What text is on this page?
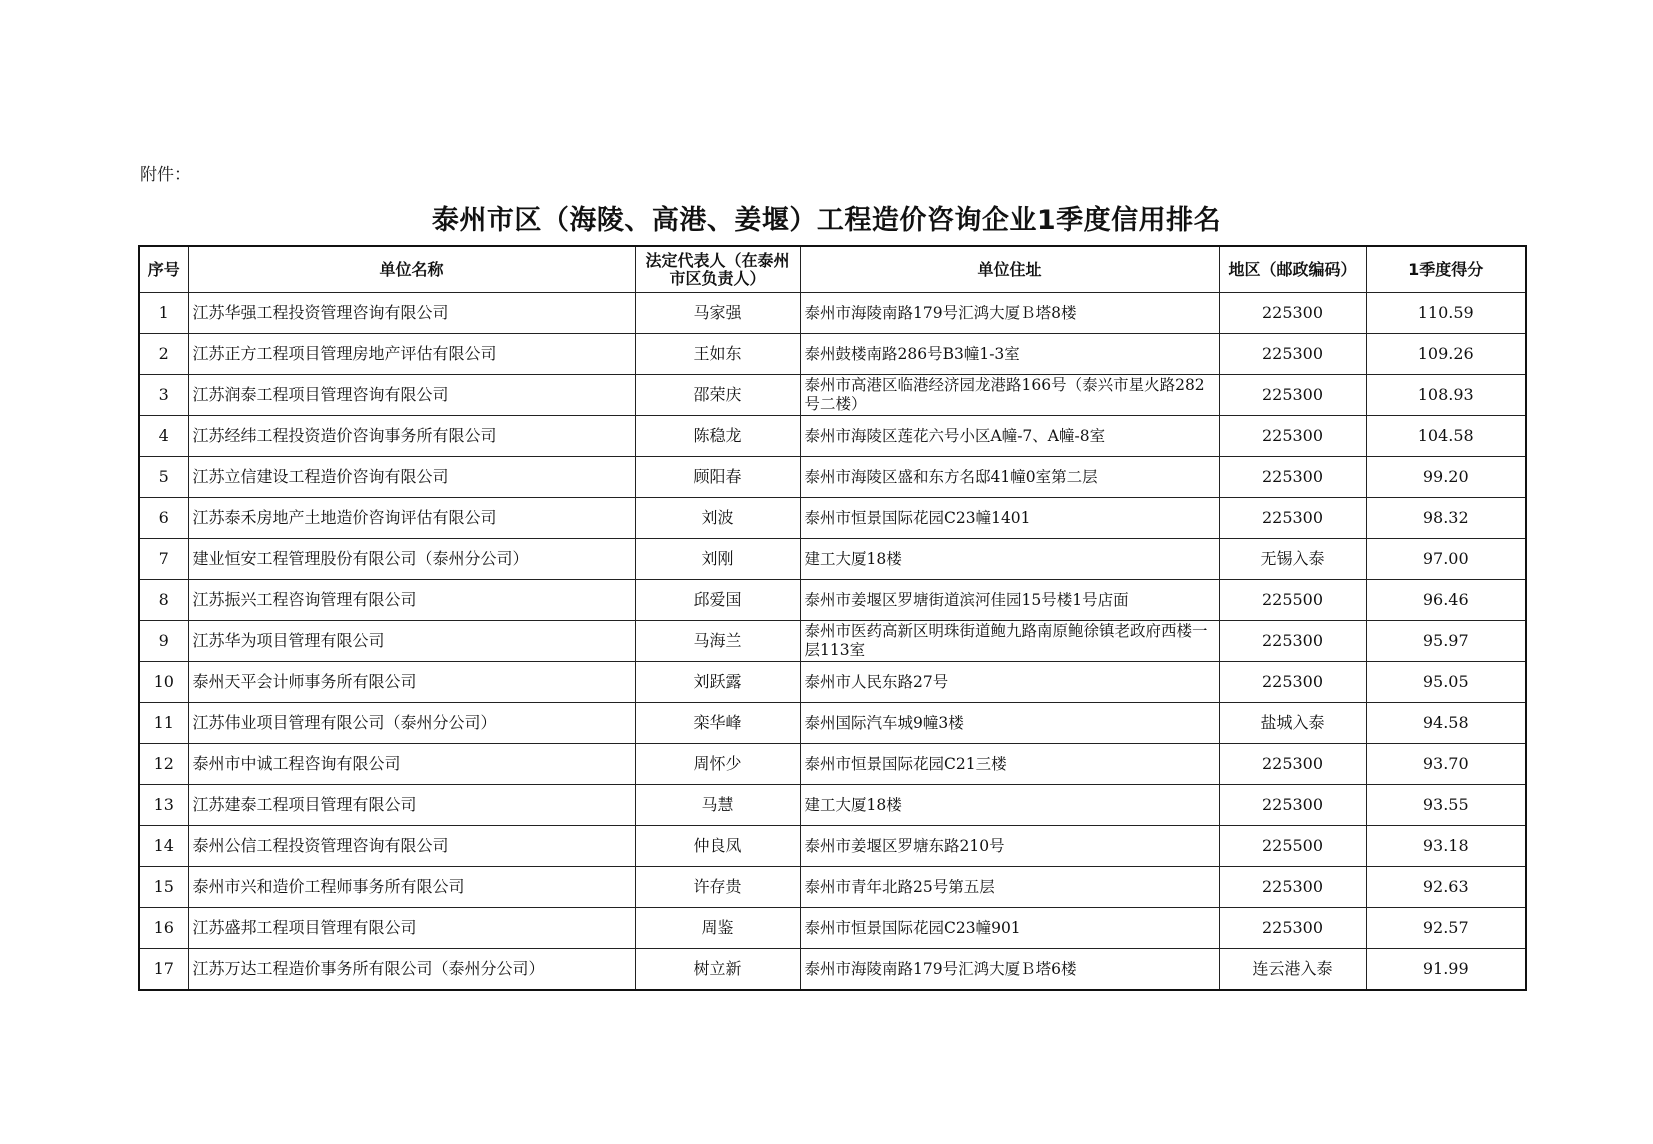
附件：
泰州市区（海陵、高港、姜堰）工程造价咨询企业1季度信用排名
序号	单位名称	法定代表人（在泰州市区负责人）	单位住址	地区（邮政编码）	1季度得分
1	江苏华强工程投资管理咨询有限公司	马家强	泰州市海陵南路179号汇鸿大厦Ｂ塔8楼	225300	110.59
2	江苏正方工程项目管理房地产评估有限公司	王如东	泰州鼓楼南路286号B3幢1-3室	225300	109.26
3	江苏润泰工程项目管理咨询有限公司	邵荣庆	泰州市高港区临港经济园龙港路166号（泰兴市星火路282号二楼）	225300	108.93
4	江苏经纬工程投资造价咨询事务所有限公司	陈稳龙	泰州市海陵区莲花六号小区A幢-7、A幢-8室	225300	104.58
5	江苏立信建设工程造价咨询有限公司	顾阳春	泰州市海陵区盛和东方名邸41幢0室第二层	225300	99.20
6	江苏泰禾房地产土地造价咨询评估有限公司	刘波	泰州市恒景国际花园C23幢1401	225300	98.32
7	建业恒安工程管理股份有限公司（泰州分公司）	刘刚	建工大厦18楼	无锡入泰	97.00
8	江苏振兴工程咨询管理有限公司	邱爱国	泰州市姜堰区罗塘街道滨河佳园15号楼1号店面	225500	96.46
9	江苏华为项目管理有限公司	马海兰	泰州市医药高新区明珠街道鲍九路南原鲍徐镇老政府西楼一层113室	225300	95.97
10	泰州天平会计师事务所有限公司	刘跃露	泰州市人民东路27号	225300	95.05
11	江苏伟业项目管理有限公司（泰州分公司）	栾华峰	泰州国际汽车城9幢3楼	盐城入泰	94.58
12	泰州市中诚工程咨询有限公司	周怀少	泰州市恒景国际花园C21三楼	225300	93.70
13	江苏建泰工程项目管理有限公司	马慧	建工大厦18楼	225300	93.55
14	泰州公信工程投资管理咨询有限公司	仲良凤	泰州市姜堰区罗塘东路210号	225500	93.18
15	泰州市兴和造价工程师事务所有限公司	许存贵	泰州市青年北路25号第五层	225300	92.63
16	江苏盛邦工程项目管理有限公司	周鉴	泰州市恒景国际花园C23幢901	225300	92.57
17	江苏万达工程造价事务所有限公司（泰州分公司）	树立新	泰州市海陵南路179号汇鸿大厦Ｂ塔6楼	连云港入泰	91.99
